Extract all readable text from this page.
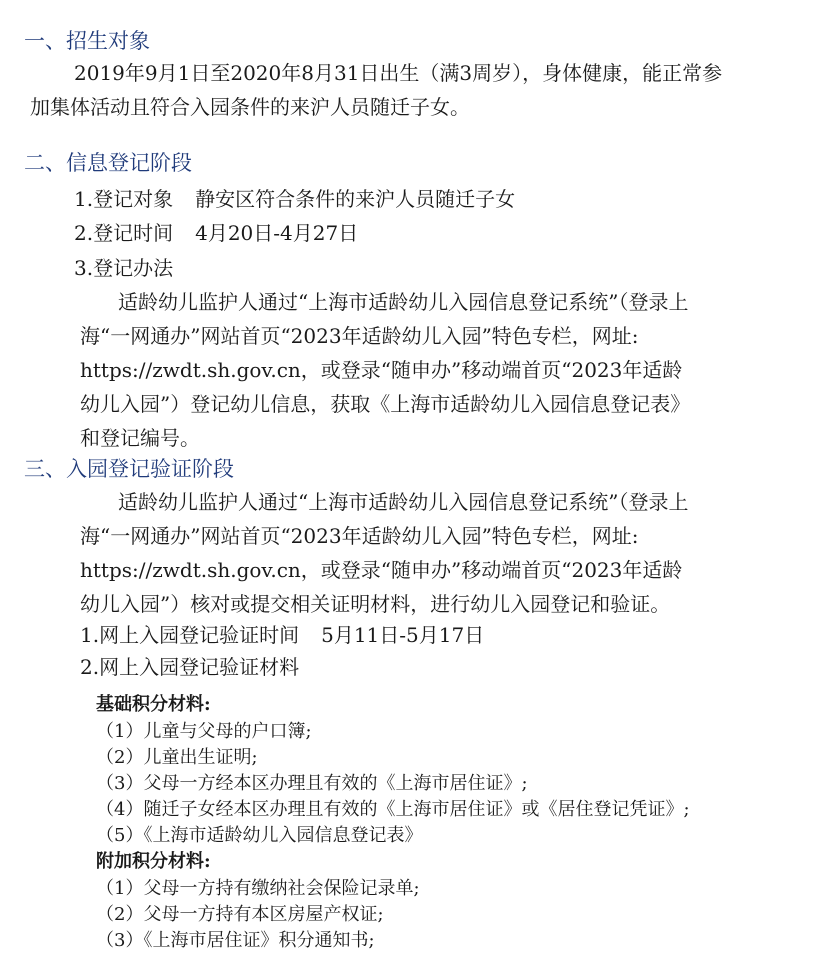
一、招生对象

2019年9月1日至2020年8月31日出生（满3周岁），身体健康，能正常参

加集体活动且符合入园条件的来沪人员随迁子女。

二、信息登记阶段

1.登记对象 静安区符合条件的来沪人员随迁子女

2.登记时间 4月20日-4月27日

3.登记办法

适龄幼儿监护人通过“上海市适龄幼儿入园信息登记系统”（登录上

海“一网通办”网站首页“2023年适龄幼儿入园”特色专栏，网址:

https://zwdt.sh.gov.cn，或登录“随申办”移动端首页“2023年适龄

幼儿入园”）登记幼儿信息，获取《上海市适龄幼儿入园信息登记表》

和登记编号。

三、入园登记验证阶段

适龄幼儿监护人通过“上海市适龄幼儿入园信息登记系统”（登录上

海“一网通办”网站首页“2023年适龄幼儿入园”特色专栏，网址:

https://zwdt.sh.gov.cn，或登录“随申办”移动端首页“2023年适龄

幼儿入园”）核对或提交相关证明材料，进行幼儿入园登记和验证。

1.网上入园登记验证时间 5月11日-5月17日

2.网上入园登记验证材料

基础积分材料:

（1）儿童与父母的户口簿;

（2）儿童出生证明;

（3）父母一方经本区办理且有效的《上海市居住证》;

（4）随迁子女经本区办理且有效的《上海市居住证》或《居住登记凭证》;

（5）《上海市适龄幼儿入园信息登记表》

附加积分材料:

（1）父母一方持有缴纳社会保险记录单;

（2）父母一方持有本区房屋产权证;

（3）《上海市居住证》积分通知书;
